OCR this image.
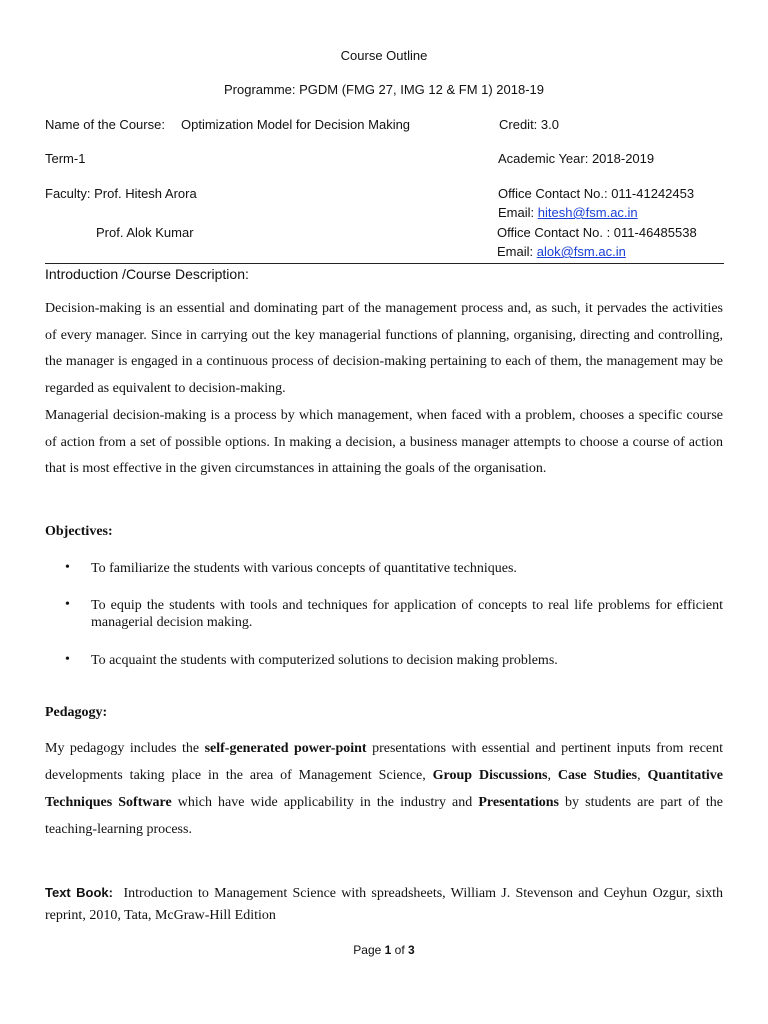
Course Outline
Programme: PGDM (FMG 27, IMG 12 & FM 1) 2018-19
Name of the Course: Optimization Model for Decision Making	Credit: 3.0
Term-1	Academic Year: 2018-2019
Faculty: Prof. Hitesh Arora	Office Contact No.: 011-41242453
Email: hitesh@fsm.ac.in
Prof. Alok Kumar	Office Contact No. : 011-46485538
Email: alok@fsm.ac.in
Introduction /Course Description:
Decision-making is an essential and dominating part of the management process and, as such, it pervades the activities of every manager. Since in carrying out the key managerial functions of planning, organising, directing and controlling, the manager is engaged in a continuous process of decision-making pertaining to each of them, the management may be regarded as equivalent to decision-making.
Managerial decision-making is a process by which management, when faced with a problem, chooses a specific course of action from a set of possible options. In making a decision, a business manager attempts to choose a course of action that is most effective in the given circumstances in attaining the goals of the organisation.
Objectives:
• To familiarize the students with various concepts of quantitative techniques.
• To equip the students with tools and techniques for application of concepts to real life problems for efficient managerial decision making.
• To acquaint the students with computerized solutions to decision making problems.
Pedagogy:
My pedagogy includes the self-generated power-point presentations with essential and pertinent inputs from recent developments taking place in the area of Management Science, Group Discussions, Case Studies, Quantitative Techniques Software which have wide applicability in the industry and Presentations by students are part of the teaching-learning process.
Text Book: Introduction to Management Science with spreadsheets, William J. Stevenson and Ceyhun Ozgur, sixth reprint, 2010, Tata, McGraw-Hill Edition
Page 1 of 3
